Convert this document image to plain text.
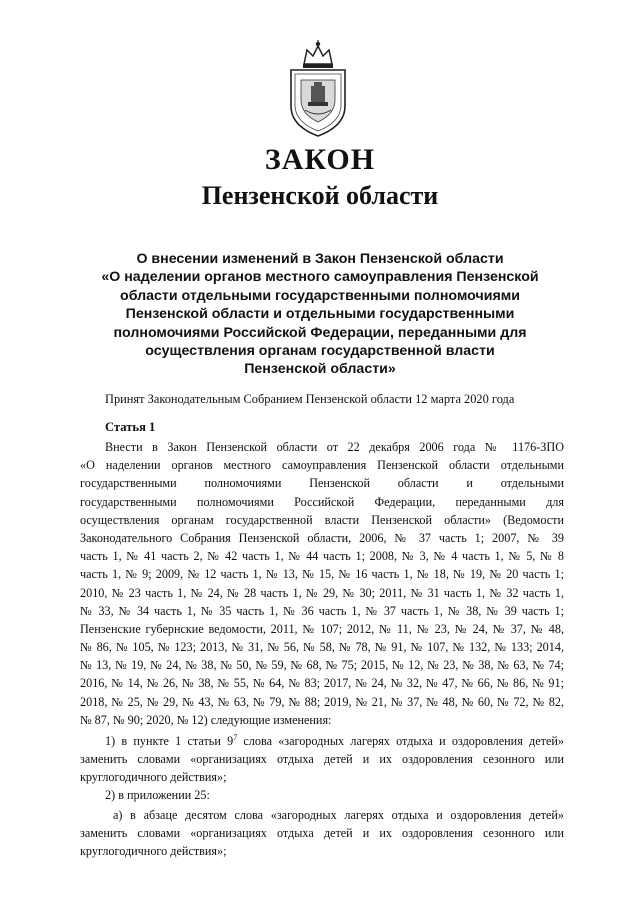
ЗАКОН
Пензенской области
О внесении изменений в Закон Пензенской области
«О наделении органов местного самоуправления Пензенской
области отдельными государственными полномочиями
Пензенской области и отдельными государственными
полномочиями Российской Федерации, переданными для
осуществления органам государственной власти
Пензенской области»
Принят Законодательным Собранием Пензенской области 12 марта 2020 года
Статья 1
Внести в Закон Пензенской области от 22 декабря 2006 года № 1176-ЗПО
«О наделении органов местного самоуправления Пензенской области отдельными
государственными полномочиями Пензенской области и отдельными
государственными полномочиями Российской Федерации, переданными для
осуществления органам государственной власти Пензенской области» (Ведомости
Законодательного Собрания Пензенской области, 2006, № 37 часть 1; 2007, № 39
часть 1, № 41 часть 2, № 42 часть 1, № 44 часть 1; 2008, № 3, № 4 часть 1, № 5, № 8
часть 1, № 9; 2009, № 12 часть 1, № 13, № 15, № 16 часть 1, № 18, № 19, № 20 часть 1;
2010, № 23 часть 1, № 24, № 28 часть 1, № 29, № 30; 2011, № 31 часть 1, № 32 часть 1,
№ 33, № 34 часть 1, № 35 часть 1, № 36 часть 1, № 37 часть 1, № 38, № 39 часть 1;
Пензенские губернские ведомости, 2011, № 107; 2012, № 11, № 23, № 24, № 37, № 48,
№ 86, № 105, № 123; 2013, № 31, № 56, № 58, № 78, № 91, № 107, № 132, № 133; 2014,
№ 13, № 19, № 24, № 38, № 50, № 59, № 68, № 75; 2015, № 12, № 23, № 38, № 63, № 74;
2016, № 14, № 26, № 38, № 55, № 64, № 83; 2017, № 24, № 32, № 47, № 66, № 86, № 91;
2018, № 25, № 29, № 43, № 63, № 79, № 88; 2019, № 21, № 37, № 48, № 60, № 72, № 82,
№ 87, № 90; 2020, № 12) следующие изменения:
1) в пункте 1 статьи $9^7$ слова «загородных лагерях отдыха и оздоровления детей»
заменить словами «организациях отдыха детей и их оздоровления сезонного или
круглогодичного действия»;
2) в приложении 25:
а) в абзаце десятом слова «загородных лагерях отдыха и оздоровления детей»
заменить словами «организациях отдыха детей и их оздоровления сезонного или
круглогодичного действия»;
